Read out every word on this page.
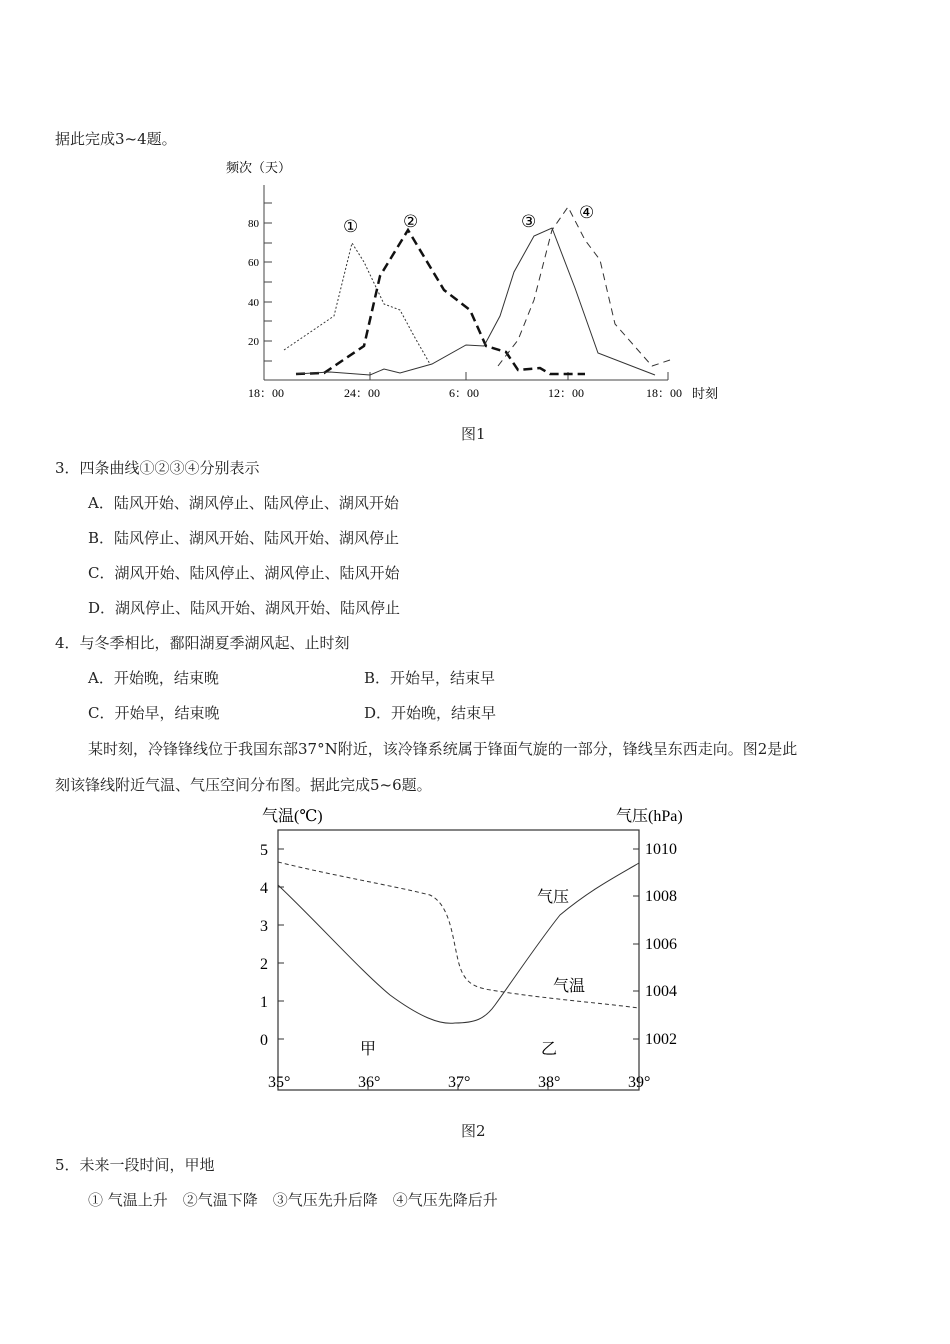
据此完成3~4题。
频次（天）
20
40
60
80
18：00	24：00	6：00	12：00	18：00 时刻
①	②	③	④
图1
3．四条曲线①②③④分别表示
A．陆风开始、湖风停止、陆风停止、湖风开始
B．陆风停止、湖风开始、陆风开始、湖风停止
C．湖风开始、陆风停止、湖风停止、陆风开始
D．湖风停止、陆风开始、湖风开始、陆风停止
4．与冬季相比，鄱阳湖夏季湖风起、止时刻
A．开始晚，结束晚	B．开始早，结束早
C．开始早，结束晚	D．开始晚，结束早
某时刻，冷锋锋线位于我国东部37°N附近，该冷锋系统属于锋面气旋的一部分，锋线呈东西走向。图2是此
刻该锋线附近气温、气压空间分布图。据此完成5~6题。
气温(℃)	气压(hPa)
0
1
2
3
4
5
1002
1004
1006
1008
1010
35°	36°	37°	38°	39°
气压
气温
甲	乙
图2
5．未来一段时间，甲地
① 气温上升　②气温下降　③气压先升后降　④气压先降后升
